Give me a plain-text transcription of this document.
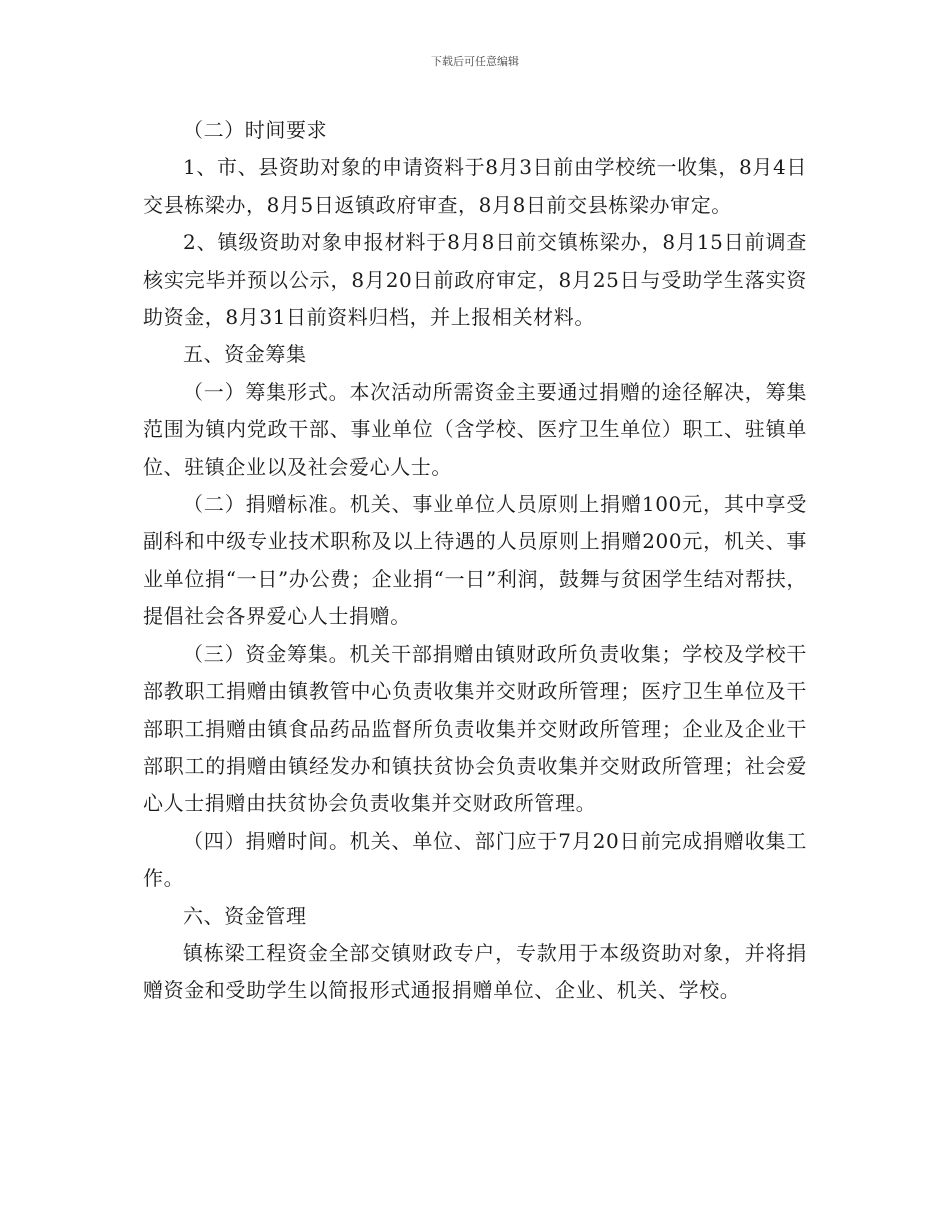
下载后可任意编辑

（二）时间要求

1、市、县资助对象的申请资料于8月3日前由学校统一收集，8月4日交县栋梁办，8月5日返镇政府审查，8月8日前交县栋梁办审定。

2、镇级资助对象申报材料于8月8日前交镇栋梁办，8月15日前调查核实完毕并预以公示，8月20日前政府审定，8月25日与受助学生落实资助资金，8月31日前资料归档，并上报相关材料。

五、资金筹集

（一）筹集形式。本次活动所需资金主要通过捐赠的途径解决，筹集范围为镇内党政干部、事业单位（含学校、医疗卫生单位）职工、驻镇单位、驻镇企业以及社会爱心人士。

（二）捐赠标准。机关、事业单位人员原则上捐赠100元，其中享受副科和中级专业技术职称及以上待遇的人员原则上捐赠200元，机关、事业单位捐“一日”办公费；企业捐“一日”利润，鼓舞与贫困学生结对帮扶，提倡社会各界爱心人士捐赠。

（三）资金筹集。机关干部捐赠由镇财政所负责收集；学校及学校干部教职工捐赠由镇教管中心负责收集并交财政所管理；医疗卫生单位及干部职工捐赠由镇食品药品监督所负责收集并交财政所管理；企业及企业干部职工的捐赠由镇经发办和镇扶贫协会负责收集并交财政所管理；社会爱心人士捐赠由扶贫协会负责收集并交财政所管理。

（四）捐赠时间。机关、单位、部门应于7月20日前完成捐赠收集工作。

六、资金管理

镇栋梁工程资金全部交镇财政专户，专款用于本级资助对象，并将捐赠资金和受助学生以简报形式通报捐赠单位、企业、机关、学校。
